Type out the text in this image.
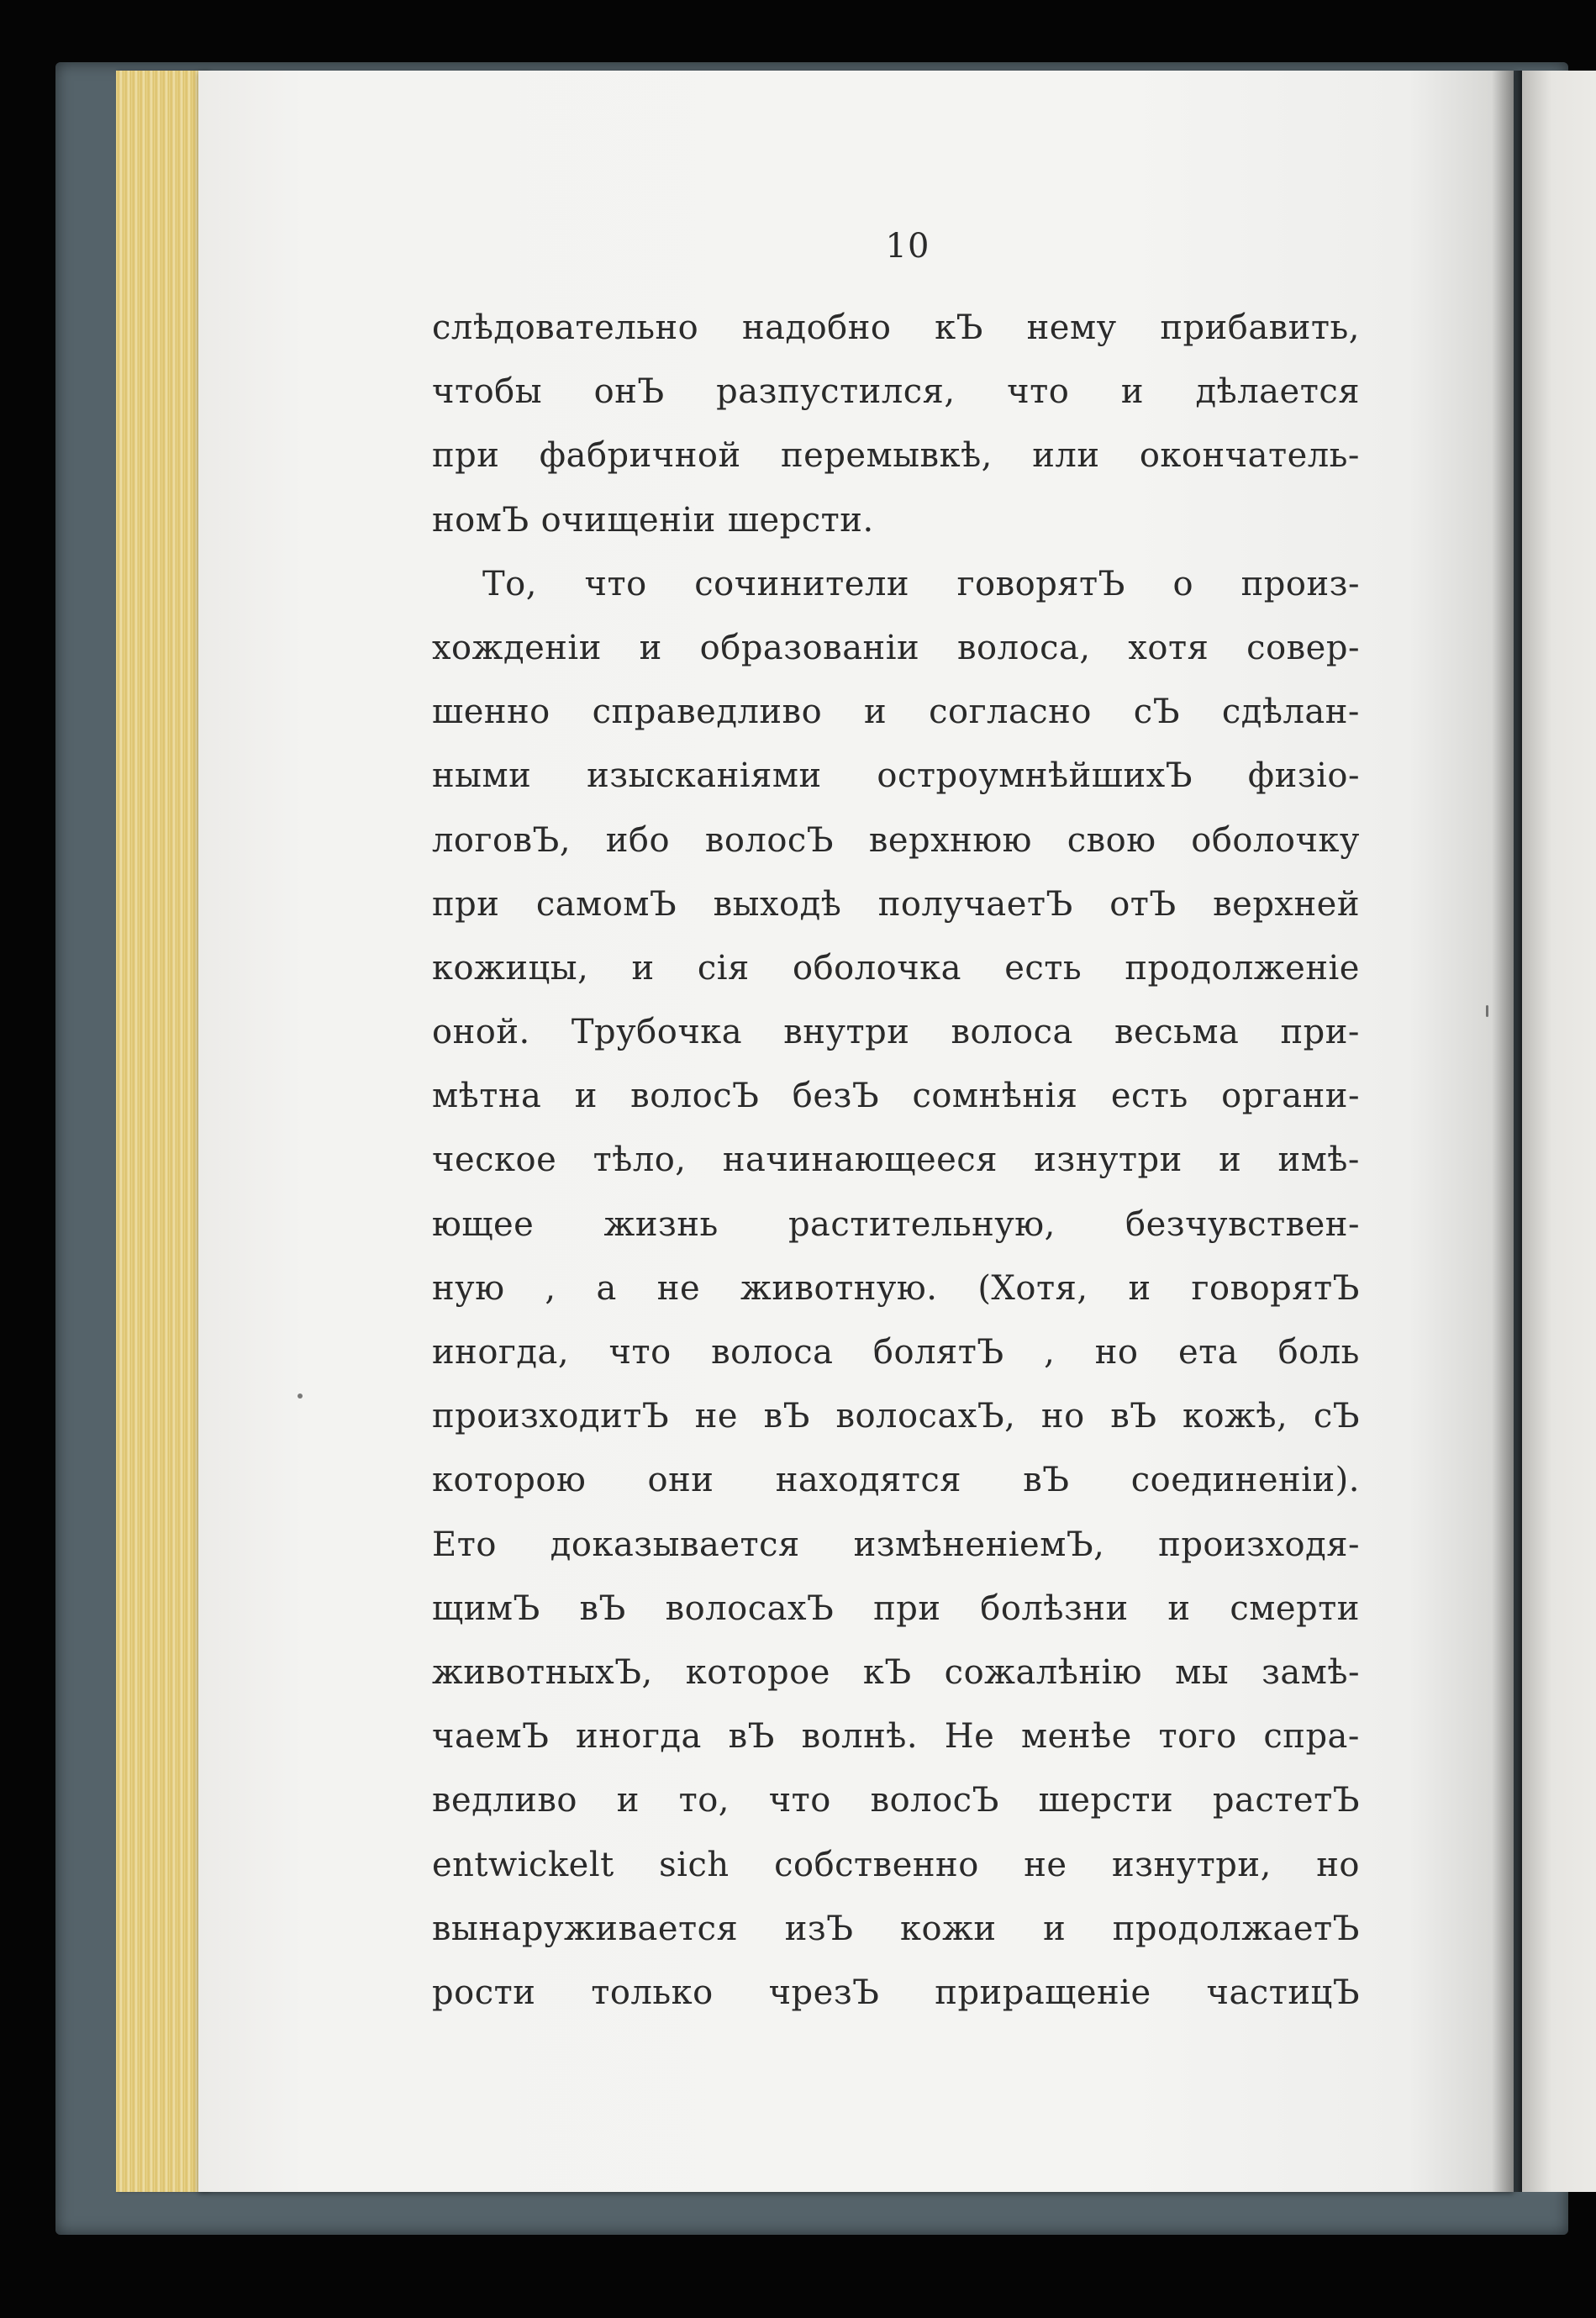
10
слѣдовательно надобно кЪ нему прибавить,
чтобы онЪ разпустился, что и дѣлается
при фабричной перемывкѣ, или окончатель-
номЪ очищеніи шерсти.
То, что сочинители говорятЪ о произ-
хожденіи и образованіи волоса, хотя совер-
шенно справедливо и согласно сЪ сдѣлан-
ными изысканіями остроумнѣйшихЪ физіо-
логовЪ, ибо волосЪ верхнюю свою оболочку
при самомЪ выходѣ получаетЪ отЪ верхней
кожицы, и сія оболочка есть продолженіе
оной. Трубочка внутри волоса весьма при-
мѣтна и волосЪ безЪ сомнѣнія есть органи-
ческое тѣло, начинающееся изнутри и имѣ-
ющее жизнь растительную, безчувствен-
ную , а не животную. (Хотя, и говорятЪ
иногда, что волоса болятЪ , но ета боль
произходитЪ не вЪ волосахЪ, но вЪ кожѣ, сЪ
которою они находятся вЪ соединеніи).
Ето доказывается измѣненіемЪ, произходя-
щимЪ вЪ волосахЪ при болѣзни и смерти
животныхЪ, которое кЪ сожалѣнію мы замѣ-
чаемЪ иногда вЪ волнѣ. Не менѣе того спра-
ведливо и то, что волосЪ шерсти растетЪ
entwickelt sich собственно не изнутри, но
вынаруживается изЪ кожи и продолжаетЪ
рости только чрезЪ приращеніе частицЪ
